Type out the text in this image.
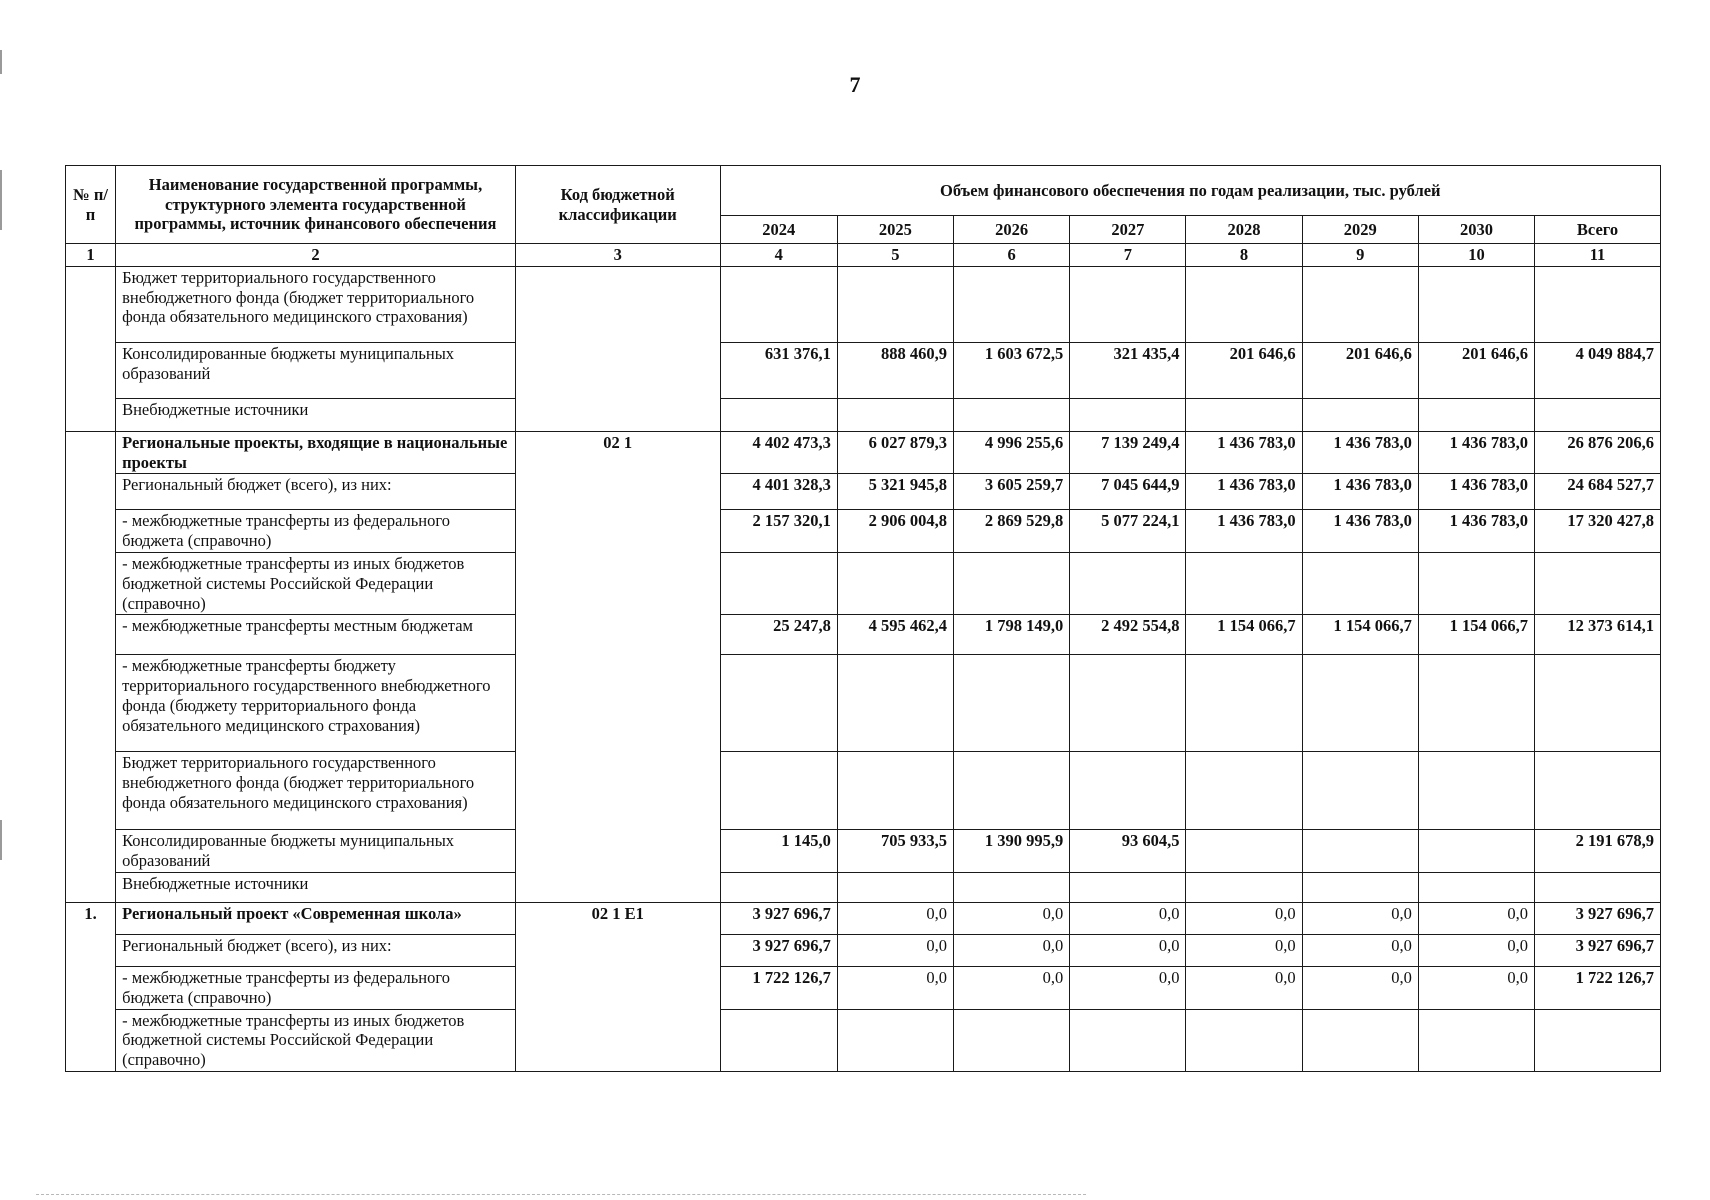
7
№ п/п	Наименование государственной программы, структурного элемента государственной программы, источник финансового обеспечения	Код бюджетной классификации	Объем финансового обеспечения по годам реализации, тыс. рублей							
			2024	2025	2026	2027	2028	2029	2030	Всего
1	2	3	4	5	6	7	8	9	10	11
	Бюджет территориального государственного внебюджетного фонда (бюджет территориального фонда обязательного медицинского страхования)									
	Консолидированные бюджеты муниципальных образований		631 376,1	888 460,9	1 603 672,5	321 435,4	201 646,6	201 646,6	201 646,6	4 049 884,7
	Внебюджетные источники									
	Региональные проекты, входящие в национальные проекты	02 1	4 402 473,3	6 027 879,3	4 996 255,6	7 139 249,4	1 436 783,0	1 436 783,0	1 436 783,0	26 876 206,6
	Региональный бюджет (всего), из них:		4 401 328,3	5 321 945,8	3 605 259,7	7 045 644,9	1 436 783,0	1 436 783,0	1 436 783,0	24 684 527,7
	- межбюджетные трансферты из федерального бюджета (справочно)		2 157 320,1	2 906 004,8	2 869 529,8	5 077 224,1	1 436 783,0	1 436 783,0	1 436 783,0	17 320 427,8
	- межбюджетные трансферты из иных бюджетов бюджетной системы Российской Федерации (справочно)									
	- межбюджетные трансферты местным бюджетам		25 247,8	4 595 462,4	1 798 149,0	2 492 554,8	1 154 066,7	1 154 066,7	1 154 066,7	12 373 614,1
	- межбюджетные трансферты бюджету территориального государственного внебюджетного фонда (бюджету территориального фонда обязательного медицинского страхования)									
	Бюджет территориального государственного внебюджетного фонда (бюджет территориального фонда обязательного медицинского страхования)									
	Консолидированные бюджеты муниципальных образований		1 145,0	705 933,5	1 390 995,9	93 604,5				2 191 678,9
	Внебюджетные источники									
1.	Региональный проект «Современная школа»	02 1 Е1	3 927 696,7	0,0	0,0	0,0	0,0	0,0	0,0	3 927 696,7
	Региональный бюджет (всего), из них:		3 927 696,7	0,0	0,0	0,0	0,0	0,0	0,0	3 927 696,7
	- межбюджетные трансферты из федерального бюджета (справочно)		1 722 126,7	0,0	0,0	0,0	0,0	0,0	0,0	1 722 126,7
	- межбюджетные трансферты из иных бюджетов бюджетной системы Российской Федерации (справочно)									
